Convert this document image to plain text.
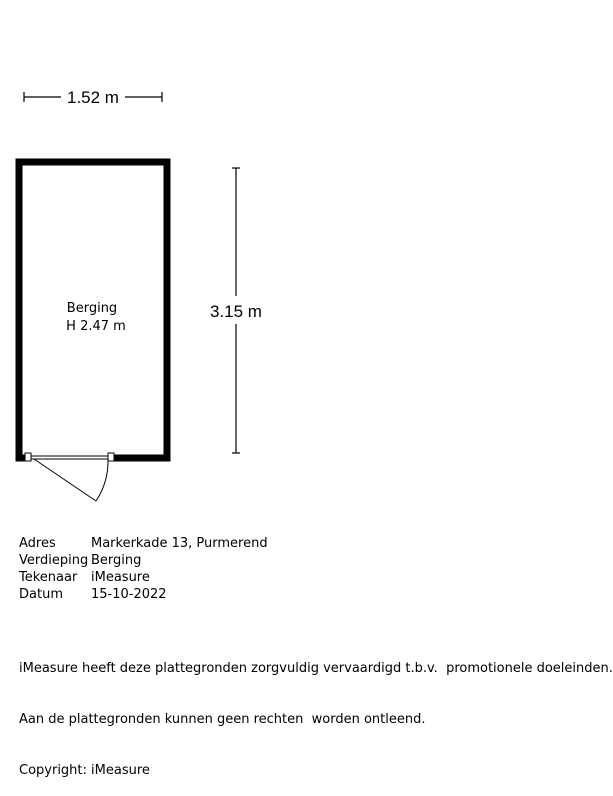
1.52 m
3.15 m
Berging
H 2.47 m
Adres	Markerkade 13, Purmerend
Verdieping Berging
Tekenaar	iMeasure
Datum	15-10-2022

iMeasure heeft deze plattegronden zorgvuldig vervaardigd t.b.v.  promotionele doeleinden.

Aan de plattegronden kunnen geen rechten  worden ontleend.

Copyright: iMeasure
